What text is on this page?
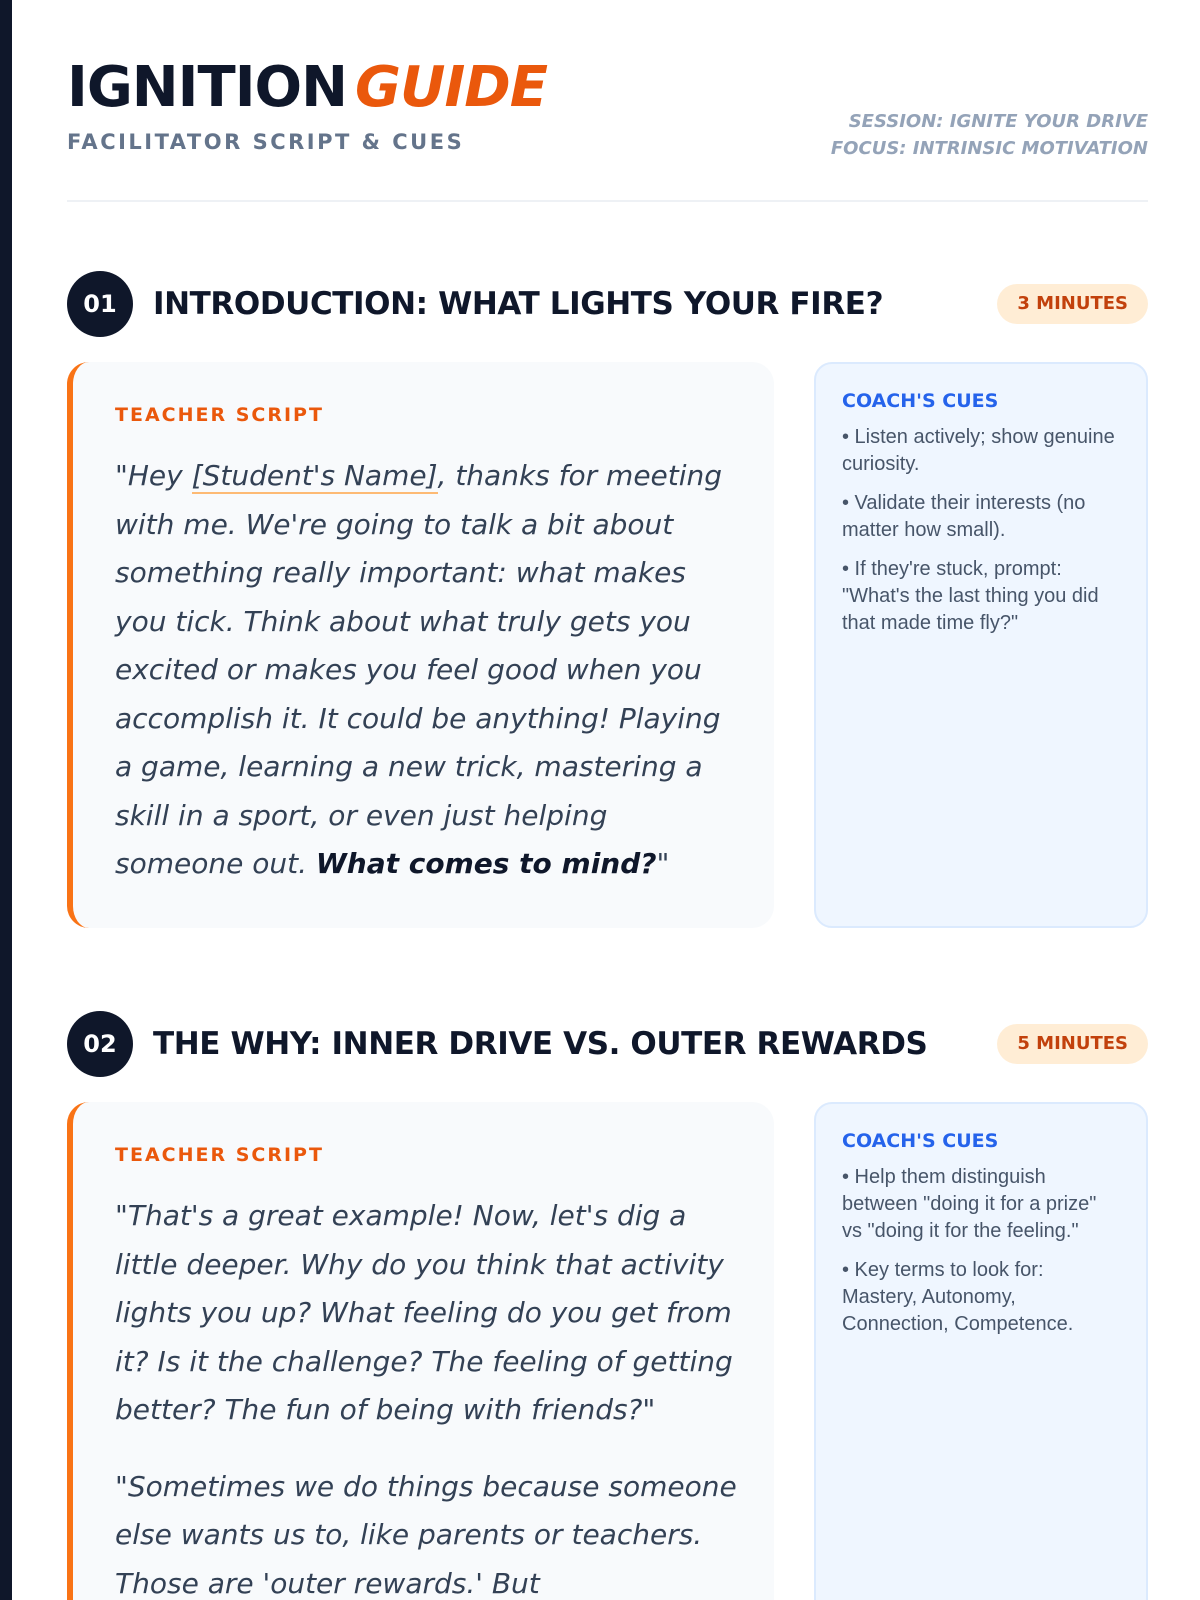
IGNITION GUIDE
FACILITATOR SCRIPT & CUES
SESSION: IGNITE YOUR DRIVE
FOCUS: INTRINSIC MOTIVATION
01	INTRODUCTION: WHAT LIGHTS YOUR FIRE?	3 MINUTES
TEACHER SCRIPT

"Hey [Student's Name], thanks for meeting with me. We're going to talk a bit about something really important: what makes you tick. Think about what truly gets you excited or makes you feel good when you accomplish it. It could be anything! Playing a game, learning a new trick, mastering a skill in a sport, or even just helping someone out. What comes to mind?"

COACH'S CUES

• Listen actively; show genuine curiosity.

• Validate their interests (no matter how small).

• If they're stuck, prompt: "What's the last thing you did that made time fly?"

02	THE WHY: INNER DRIVE VS. OUTER REWARDS	5 MINUTES
TEACHER SCRIPT

"That's a great example! Now, let's dig a little deeper. Why do you think that activity lights you up? What feeling do you get from it? Is it the challenge? The feeling of getting better? The fun of being with friends?"

"Sometimes we do things because someone else wants us to, like parents or teachers. Those are 'outer rewards.' But

COACH'S CUES

• Help them distinguish between "doing it for a prize" vs "doing it for the feeling."

• Key terms to look for: Mastery, Autonomy, Connection, Competence.
